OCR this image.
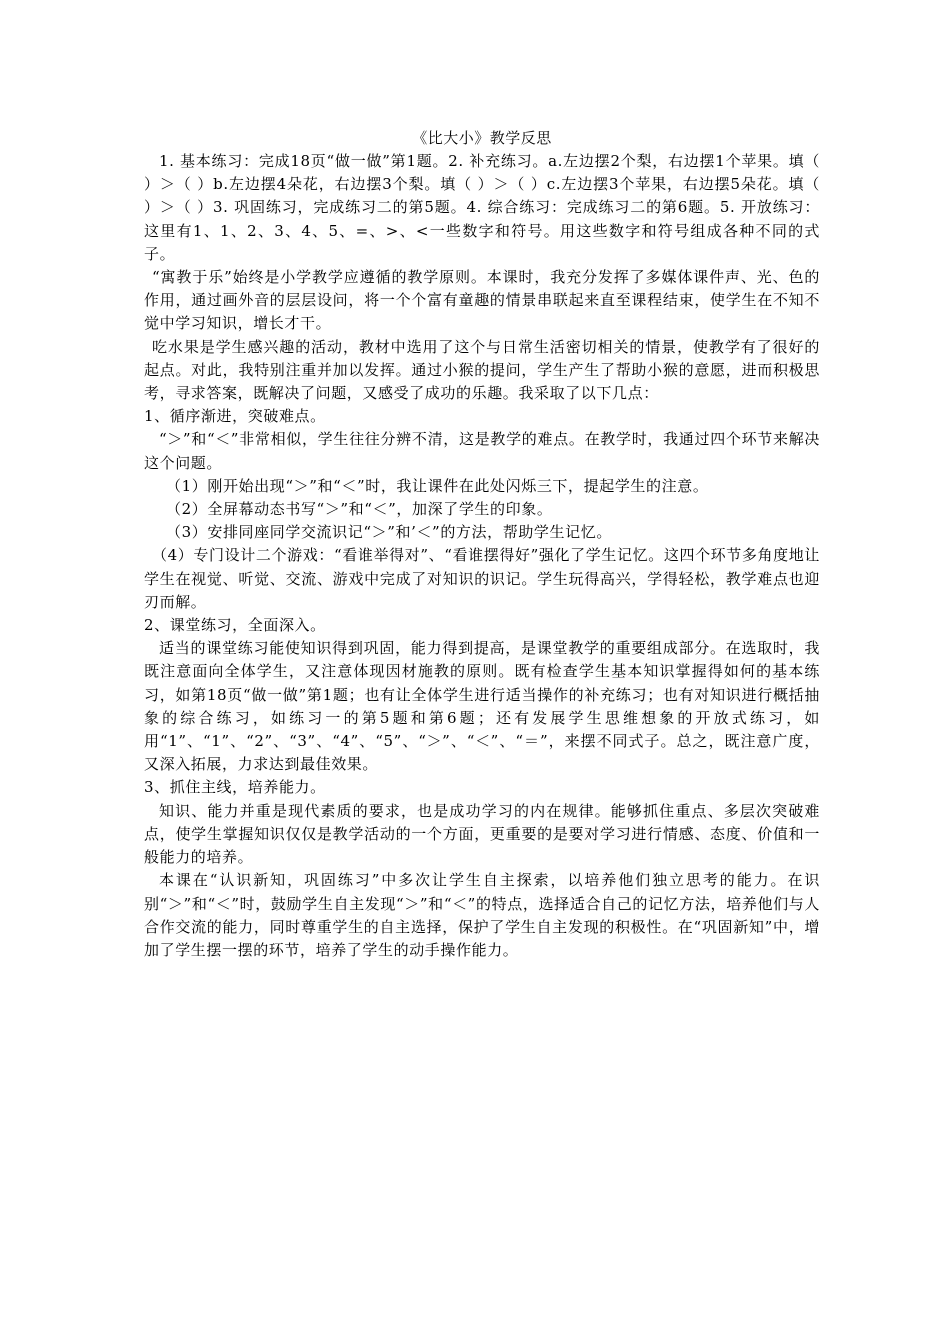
《比大小》教学反思

1. 基本练习：完成18页“做一做”第1题。2. 补充练习。a.左边摆2个梨，右边摆1个苹果。填（ ）＞（ ）b.左边摆4朵花，右边摆3个梨。填（ ）＞（ ）c.左边摆3个苹果，右边摆5朵花。填（ ）＞（ ）3. 巩固练习，完成练习二的第5题。4. 综合练习：完成练习二的第6题。5. 开放练习：这里有1、1、2、3、4、5、=、>、<一些数字和符号。用这些数字和符号组成各种不同的式子。

“寓教于乐”始终是小学教学应遵循的教学原则。本课时，我充分发挥了多媒体课件声、光、色的作用，通过画外音的层层设问，将一个个富有童趣的情景串联起来直至课程结束，使学生在不知不觉中学习知识，增长才干。

吃水果是学生感兴趣的活动，教材中选用了这个与日常生活密切相关的情景，使教学有了很好的起点。对此，我特别注重并加以发挥。通过小猴的提问，学生产生了帮助小猴的意愿，进而积极思考，寻求答案，既解决了问题，又感受了成功的乐趣。我采取了以下几点：

1、循序渐进，突破难点。

“＞”和“＜”非常相似，学生往往分辨不清，这是教学的难点。在教学时，我通过四个环节来解决这个问题。

（1）刚开始出现“＞”和“＜”时，我让课件在此处闪烁三下，提起学生的注意。

（2）全屏幕动态书写“＞”和“＜”，加深了学生的印象。

（3）安排同座同学交流识记“＞”和’＜”的方法，帮助学生记忆。

（4）专门设计二个游戏：“看谁举得对”、“看谁摆得好”强化了学生记忆。这四个环节多角度地让学生在视觉、听觉、交流、游戏中完成了对知识的识记。学生玩得高兴，学得轻松，教学难点也迎刃而解。

2、课堂练习，全面深入。

适当的课堂练习能使知识得到巩固，能力得到提高，是课堂教学的重要组成部分。在选取时，我既注意面向全体学生，又注意体现因材施教的原则。既有检查学生基本知识掌握得如何的基本练习，如第18页“做一做”第1题；也有让全体学生进行适当操作的补充练习；也有对知识进行概括抽象的综合练习，如练习一的第5题和第6题；还有发展学生思维想象的开放式练习，如用“1”、“1”、“2”、“3”、“4”、“5”、“＞”、“＜”、“＝”，来摆不同式子。总之，既注意广度，又深入拓展，力求达到最佳效果。

3、抓住主线，培养能力。

知识、能力并重是现代素质的要求，也是成功学习的内在规律。能够抓住重点、多层次突破难点，使学生掌握知识仅仅是教学活动的一个方面，更重要的是要对学习进行情感、态度、价值和一般能力的培养。

本课在“认识新知，巩固练习”中多次让学生自主探索，以培养他们独立思考的能力。在识别“＞”和“＜”时，鼓励学生自主发现“＞”和“＜”的特点，选择适合自己的记忆方法，培养他们与人合作交流的能力，同时尊重学生的自主选择，保护了学生自主发现的积极性。在“巩固新知”中，增加了学生摆一摆的环节，培养了学生的动手操作能力。
